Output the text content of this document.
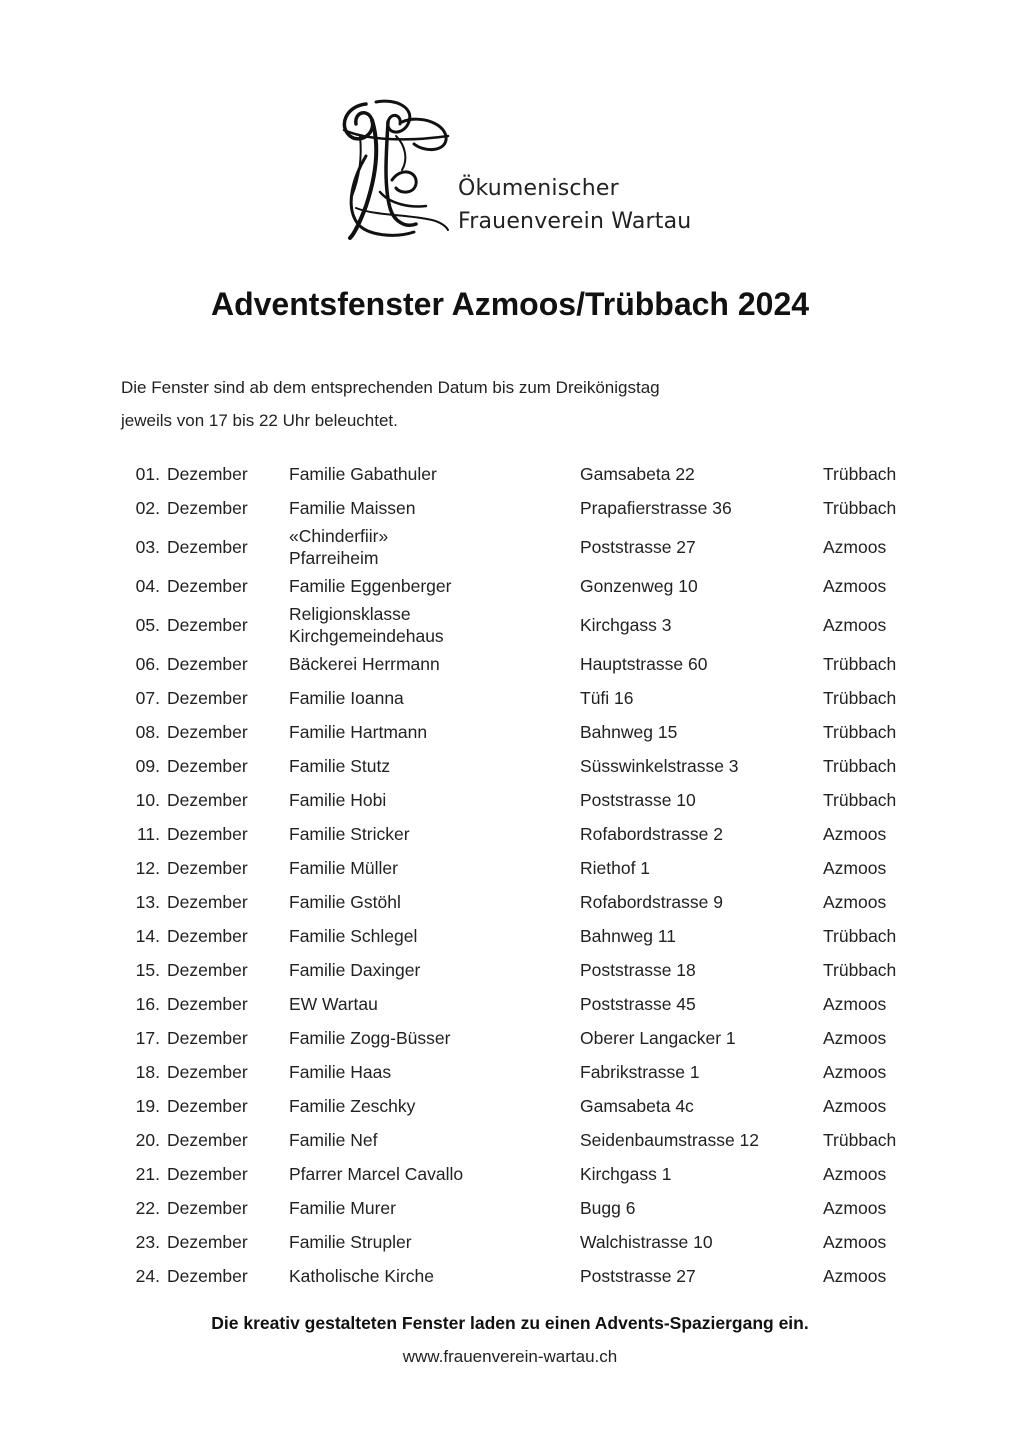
Ökumenischer
Frauenverein Wartau
Adventsfenster Azmoos/Trübbach 2024

Die Fenster sind ab dem entsprechenden Datum bis zum Dreikönigstag

jeweils von 17 bis 22 Uhr beleuchtet.

01.	Dezember	Familie Gabathuler	Gamsabeta 22	Trübbach
02.	Dezember	Familie Maissen	Prapafierstrasse 36	Trübbach
03.	Dezember	«Chinderfiir»
Pfarreiheim	Poststrasse 27	Azmoos
04.	Dezember	Familie Eggenberger	Gonzenweg 10	Azmoos
05.	Dezember	Religionsklasse
Kirchgemeindehaus	Kirchgass 3	Azmoos
06.	Dezember	Bäckerei Herrmann	Hauptstrasse 60	Trübbach
07.	Dezember	Familie Ioanna	Tüfi 16	Trübbach
08.	Dezember	Familie Hartmann	Bahnweg 15	Trübbach
09.	Dezember	Familie Stutz	Süsswinkelstrasse 3	Trübbach
10.	Dezember	Familie Hobi	Poststrasse 10	Trübbach
11.	Dezember	Familie Stricker	Rofabordstrasse 2	Azmoos
12.	Dezember	Familie Müller	Riethof 1	Azmoos
13.	Dezember	Familie Gstöhl	Rofabordstrasse 9	Azmoos
14.	Dezember	Familie Schlegel	Bahnweg 11	Trübbach
15.	Dezember	Familie Daxinger	Poststrasse 18	Trübbach
16.	Dezember	EW Wartau	Poststrasse 45	Azmoos
17.	Dezember	Familie Zogg-Büsser	Oberer Langacker 1	Azmoos
18.	Dezember	Familie Haas	Fabrikstrasse 1	Azmoos
19.	Dezember	Familie Zeschky	Gamsabeta 4c	Azmoos
20.	Dezember	Familie Nef	Seidenbaumstrasse 12	Trübbach
21.	Dezember	Pfarrer Marcel Cavallo	Kirchgass 1	Azmoos
22.	Dezember	Familie Murer	Bugg 6	Azmoos
23.	Dezember	Familie Strupler	Walchistrasse 10	Azmoos
24.	Dezember	Katholische Kirche	Poststrasse 27	Azmoos
Die kreativ gestalteten Fenster laden zu einen Advents-Spaziergang ein.
www.frauenverein-wartau.ch
